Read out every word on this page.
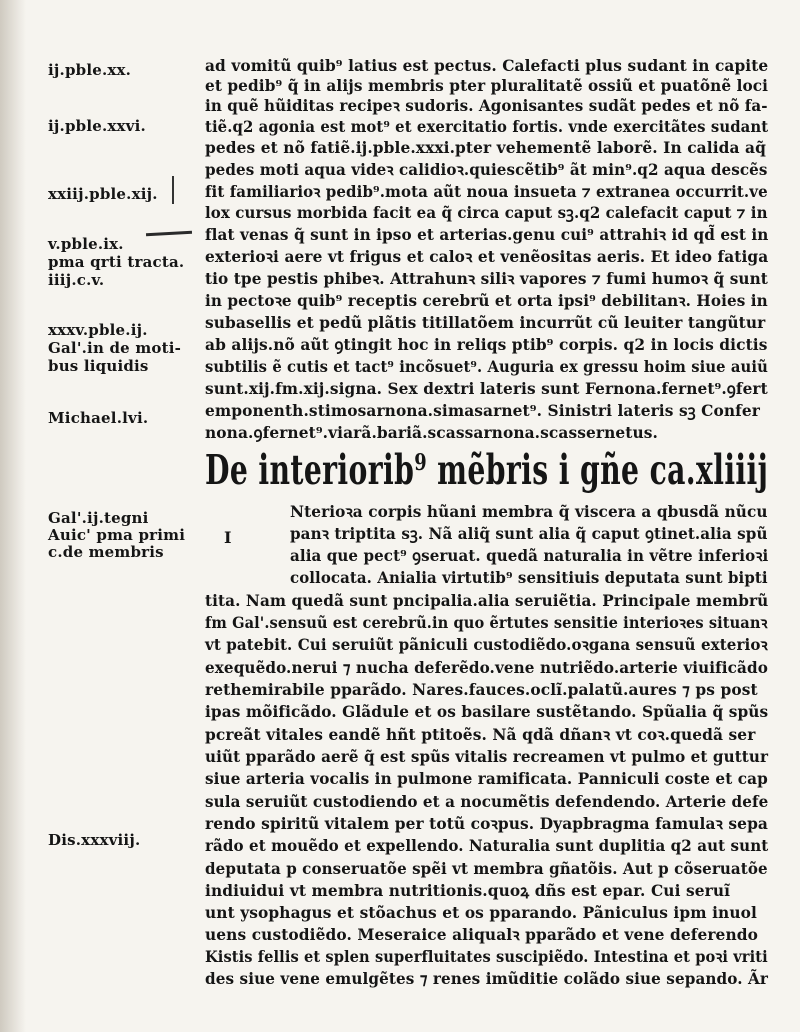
ij.pble.xx.
ij.pble.xxvi.
xxiij.pble.xij.
v.pble.ix.
pma qrti tracta.
iiij.c.v.
xxxv.pble.ij.
Gal'.in de moti-
bus liquidis
Michael.lvi.
Gal'.ij.tegni
Auic' pma primi
c.de membris
Dis.xxxviij.
ad vomitũ quib⁹ latius est pectus. Calefacti plus sudant in capite
et pedib⁹ q̃ in alijs membris pter pluralitatẽ ossiũ et puatõnẽ loci
in quẽ hũiditas recipeꝛ sudoris. Agonisantes sudãt pedes et nõ fa-
tiẽ.q2 agonia est mot⁹ et exercitatio fortis. vnde exercitãtes sudant
pedes et nõ fatiẽ.ij.pble.xxxi.pter vehementẽ laborẽ. In calida aq̃
pedes moti aqua videꝛ calidioꝛ.quiescẽtib⁹ ãt min⁹.q2 aqua descẽs
fit familiarioꝛ pedib⁹.mota aũt noua insueta ⁊ extranea occurrit.ve
lox cursus morbida facit ea q̃ circa caput sꝫ.q2 calefacit caput ⁊ in
flat venas q̃ sunt in ipso et arterias.genu cui⁹ attrahiꝛ id qd̃ est in
exterioꝛi aere vt frigus et caloꝛ et venẽositas aeris. Et ideo fatiga
tio tpe pestis phibeꝛ. Attrahunꝛ siliꝛ vapores ⁊ fumi humoꝛ q̃ sunt
in pectoꝛe quib⁹ receptis cerebrũ et orta ipsi⁹ debilitanꝛ. Hoies in
subasellis et pedũ plãtis titillatõem incurrũt cũ leuiter tangũtur
ab alijs.nõ aũt ꝯtingit hoc in reliqs ptib⁹ corpis. q2 in locis dictis
subtilis ẽ cutis et tact⁹ incõsuet⁹. Auguria ex gressu hoim siue auiũ
sunt.xij.fm.xij.signa. Sex dextri lateris sunt Fernona.fernet⁹.ꝯfert
emponenth.stimosarnona.simasarnet⁹. Sinistri lateris sꝫ Confer
nona.ꝯfernet⁹.viarã.bariã.scassarnona.scassernetus.
De interiorib⁹ mẽbris i gñe ca.xliiij
I
Nterioꝛa corpis hũani membra q̃ viscera a qbusdã nũcu
panꝛ triptita sꝫ. Nã aliq̃ sunt alia q̃ caput ꝯtinet.alia spũ
alia que pect⁹ ꝯseruat. quedã naturalia in vẽtre inferioꝛi
collocata. Anialia virtutib⁹ sensitiuis deputata sunt bipti
tita. Nam quedã sunt pncipalia.alia seruiẽtia. Principale membrũ
fm Gal'.sensuũ est cerebrũ.in quo ẽrtutes sensitie interioꝛes situanꝛ
vt patebit. Cui seruiũt pãniculi custodiẽdo.oꝛgana sensuũ exterioꝛ
exequẽdo.nerui ⁊ nucha deferẽdo.vene nutriẽdo.arterie viuificãdo
rethemirabile pparãdo. Nares.fauces.oclĩ.palatũ.aures ⁊ ps post
ipas mõificãdo. Glãdule et os basilare sustẽtando. Spũalia q̃ spũs
pcreãt vitales eandẽ hñt ptitoẽs. Nã qdã dñanꝛ vt coꝛ.quedã ser
uiũt pparãdo aerẽ q̃ est spũs vitalis recreamen vt pulmo et guttur
siue arteria vocalis in pulmone ramificata. Panniculi coste et cap
sula seruiũt custodiendo et a nocumẽtis defendendo. Arterie defe
rendo spiritũ vitalem per totũ coꝛpus. Dyapbragma famulaꝛ sepa
rãdo et mouẽdo et expellendo. Naturalia sunt duplitia q2 aut sunt
deputata p conseruatõe spẽi vt membra gñatõis. Aut p cõseruatõe
indiuidui vt membra nutritionis.quoꝝ dñs est epar. Cui seruĩ
unt ysophagus et stõachus et os pparando. Pãniculus ipm inuol
uens custodiẽdo. Meseraice aliqualꝛ pparãdo et vene deferendo
Kistis fellis et splen superfluitates suscipiẽdo. Intestina et poꝛi vriti
des siue vene emulgẽtes ⁊ renes imũditie colãdo siue sepando. Ãr
